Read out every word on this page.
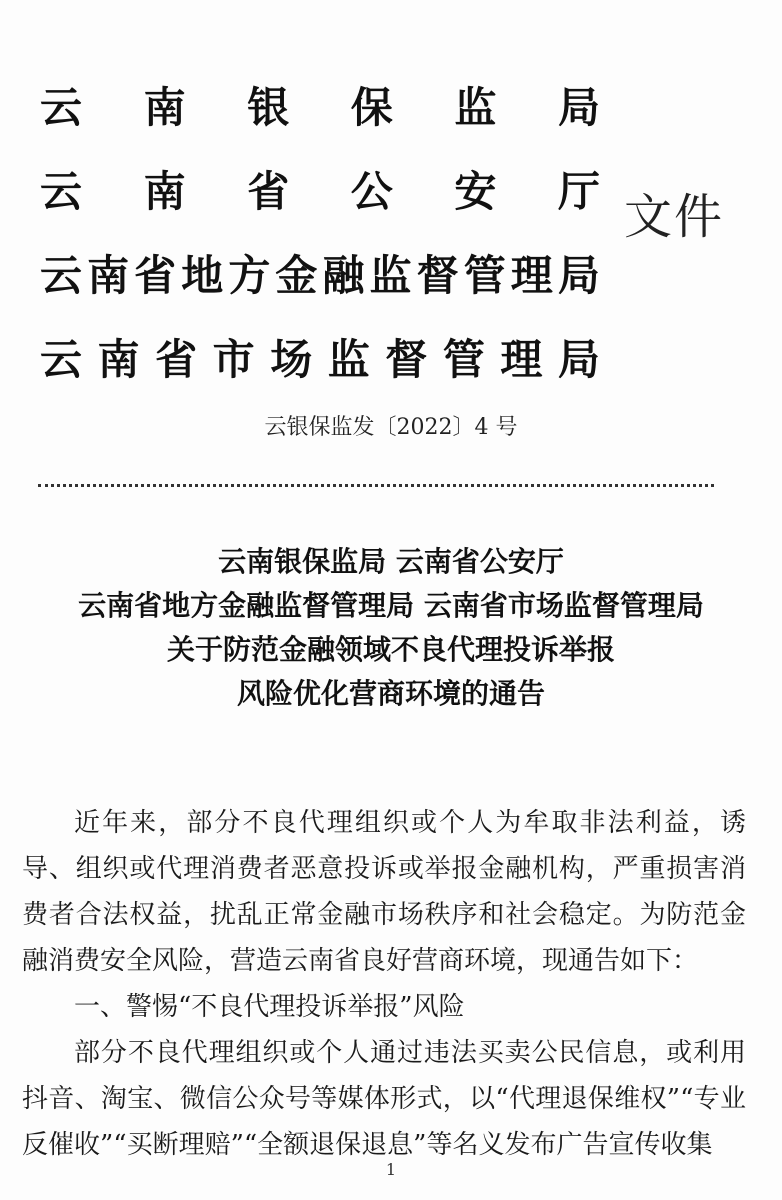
云 南 银 保 监 局
云 南 省 公 安 厅
云 南 省 地 方 金 融 监 督 管 理 局
云 南 省 市 场 监 督 管 理 局
文件
云银保监发〔2022〕4 号
云南银保监局 云南省公安厅
云南省地方金融监督管理局 云南省市场监督管理局
关于防范金融领域不良代理投诉举报
风险优化营商环境的通告

近年来，部分不良代理组织或个人为牟取非法利益，诱导、组织或代理消费者恶意投诉或举报金融机构，严重损害消费者合法权益，扰乱正常金融市场秩序和社会稳定。为防范金融消费安全风险，营造云南省良好营商环境，现通告如下：

一、警惕“不良代理投诉举报”风险

部分不良代理组织或个人通过违法买卖公民信息，或利用抖音、淘宝、微信公众号等媒体形式，以“代理退保维权”“专业反催收”“买断理赔”“全额退保退息”等名义发布广告宣传收集

1
